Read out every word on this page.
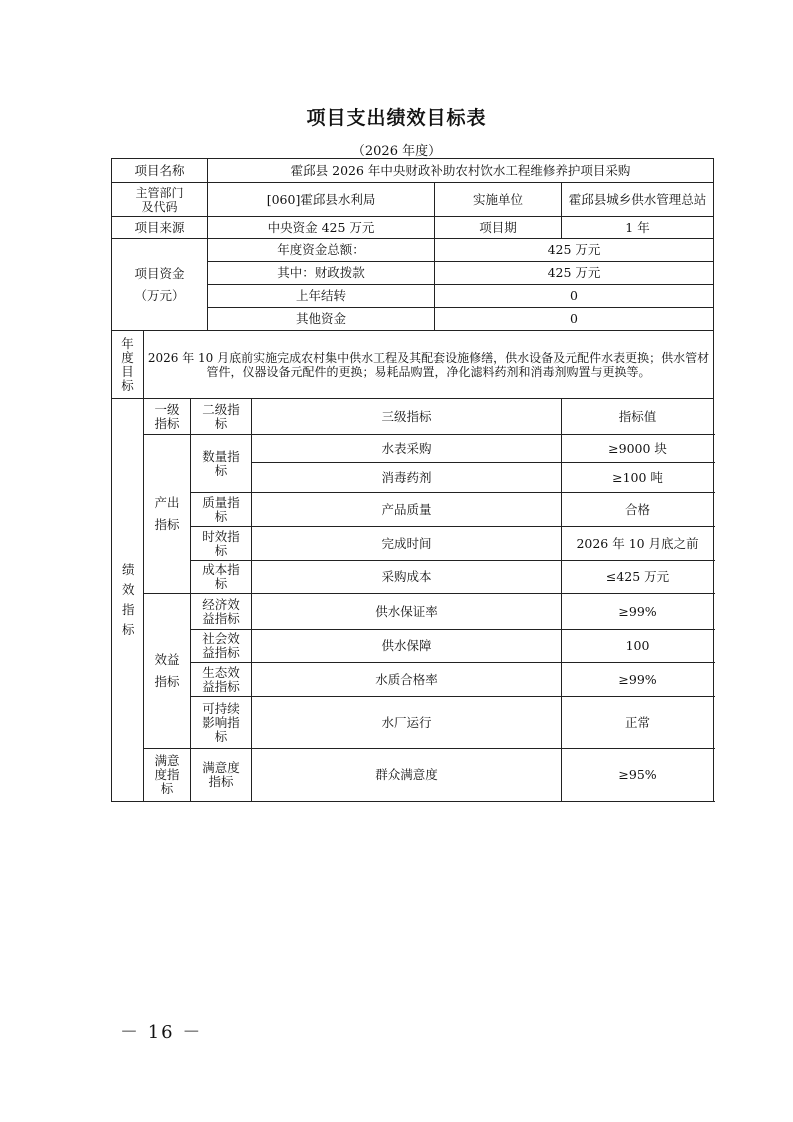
项目支出绩效目标表
（2026 年度）
项目名称			霍邱县 2026 年中央财政补助农村饮水工程维修养护项目采购			
主管部门
及代码			[060]霍邱县水利局		实施单位	霍邱县城乡供水管理总站
项目来源			中央资金 425 万元		项目期	1 年
项目资金
（万元）			年度资金总额：		425 万元	
			其中：财政拨款		425 万元	
			上年结转		0	
			其他资金		0	
年度目标	2026 年 10 月底前实施完成农村集中供水工程及其配套设施修缮，供水设备及元配件水表更换；供水管材管件，仪器设备元配件的更换；易耗品购置，净化滤料药剂和消毒剂购置与更换等。					

绩效指标	一级指标	二级指标		三级指标		指标值
	产出指标	数量指标		水表采购		≥9000 块
				消毒药剂		≥100 吨
		质量指标		产品质量		合格
		时效指标		完成时间		2026 年 10 月底之前
		成本指标		采购成本		≤425 万元
	效益指标	经济效益指标		供水保证率		≥99%
		社会效益指标		供水保障		100
		生态效益指标		水质合格率		≥99%
		可持续影响指标		水厂运行		正常
	满意度指标	满意度指标		群众满意度		≥95%
－ 16 －
